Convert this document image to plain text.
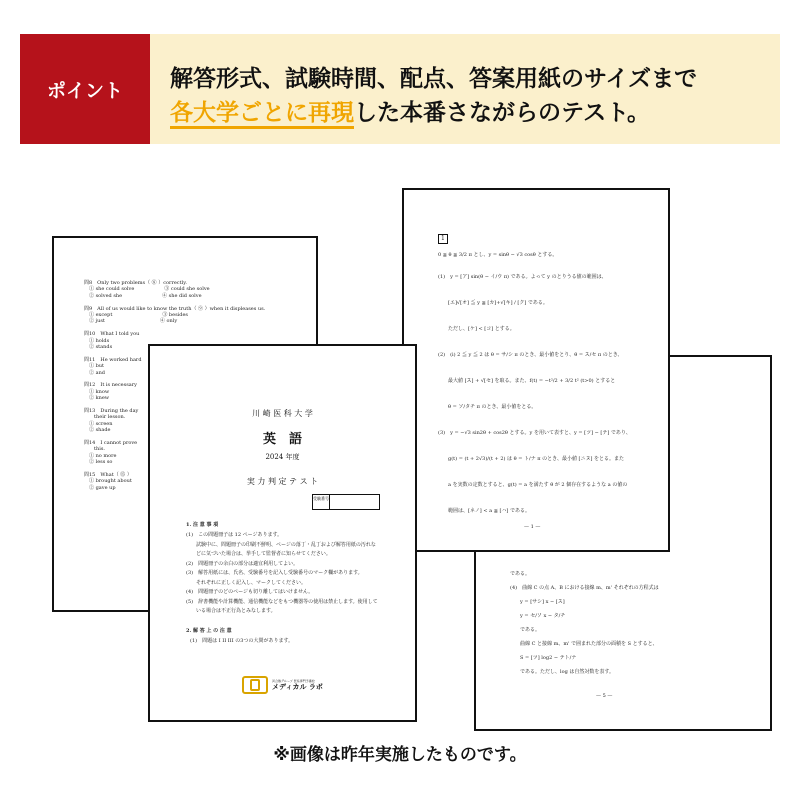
ポイント	解答形式、試験時間、配点、答案用紙のサイズまで
各大学ごとに再現した本番さながらのテスト。
である。
(4)　曲線 C の点 A、B における接線 m、m' それぞれの方程式は
　　y = [サシ] x − [ス]
　　y = セ/ソ x − タ/チ
　　である。
　　曲線 C と接線 m、m' で囲まれた部分の面積を S とすると、
　　S = [ツ] log2 − テト/ナ
　　である。ただし、log は自然対数を表す。
— 5 —
1
0 ≦ θ ≦ 3/2 π とし、y = sinθ − √3 cosθ とする。
(1)　y = [ア] sin(θ − イ/ウ π) である。よって y のとりうる値の範囲は、
　　[エ]√[オ] ≦ y ≦ [カ]+√[キ] / [ク] である。
　　ただし、[ケ] < [コ] とする。
(2)　(i) 2 ≦ y ≦ 2 は θ = サ/シ π のとき、最小値をとり、θ = ス/セ π のとき、
　　最大値 [ス] + √[セ] を取る。また、f(t) = −t²/2 + 3/2 t² (t>0) とすると
　　θ = ソ/タチ π のとき、最小値をとる。
(3)　y = −√3 sin2θ + cos2θ とする。y を用いて表すと、y = [ツ] − [テ] であり、
　　g(t) = (t + 2√3)/(t + 2) は θ = ト/ナ π のとき、最小値 [ニヌ] をとる。また
　　a を実数の定数とすると、g(t) = a を満たす θ が 2 個存在するような a の値の
　　範囲は、[ネノ] < a ≦ [ハ] である。
— 1 —
問8　Only two problems（ ⑧ ）correctly.
　① she could solve　　　　　　③ could she solve
　② solved she　　　　　　　　④ she did solve
問9　All of us would like to know the truth（ ⑨ ）when it displeases us.
　① except　　　　　　　　　　③ besides
　② just　　　　　　　　　　　④ only
問10　What I told you
　① holds
　② stands
問11　He worked hard
　① but
　② and
問12　It is necessary
　① know
　② knew
問13　During the day
　　their lesson.
　① screen
　② shade
問14　I cannot prove
　　this.
　① no more
　② less so
問15　What（ ⑮ ）
　① brought about
　② gave up
川 崎 医 科 大 学
英　語
2024 年度
実 力 判 定 テ ス ト
受験番号
1. 注 意 事 項
(1)　この問題冊子は 12 ページあります。
　　試験中に、問題冊子の印刷不鮮明、ページの落丁・乱丁および解答用紙の汚れな
　　どに気づいた場合は、挙手して監督者に知らせてください。
(2)　問題冊子の余白の部分は適宜利用してよい。
(3)　解答用紙には、氏名、受験番号を記入し受験番号のマーク欄があります。
　　それぞれに正しく記入し、マークしてください。
(4)　問題冊子のどのページも切り離してはいけません。
(5)　辞書機能や計算機能、通信機能などをもつ機器等の使用は禁止します。使用して
　　いる場合は不正行為とみなします。
2. 解 答 上 の 注 意
(1)　問題は I II III の3つの大問があります。
河合塾グループ 医系専門予備校
メディカル ラボ
※画像は昨年実施したものです。
